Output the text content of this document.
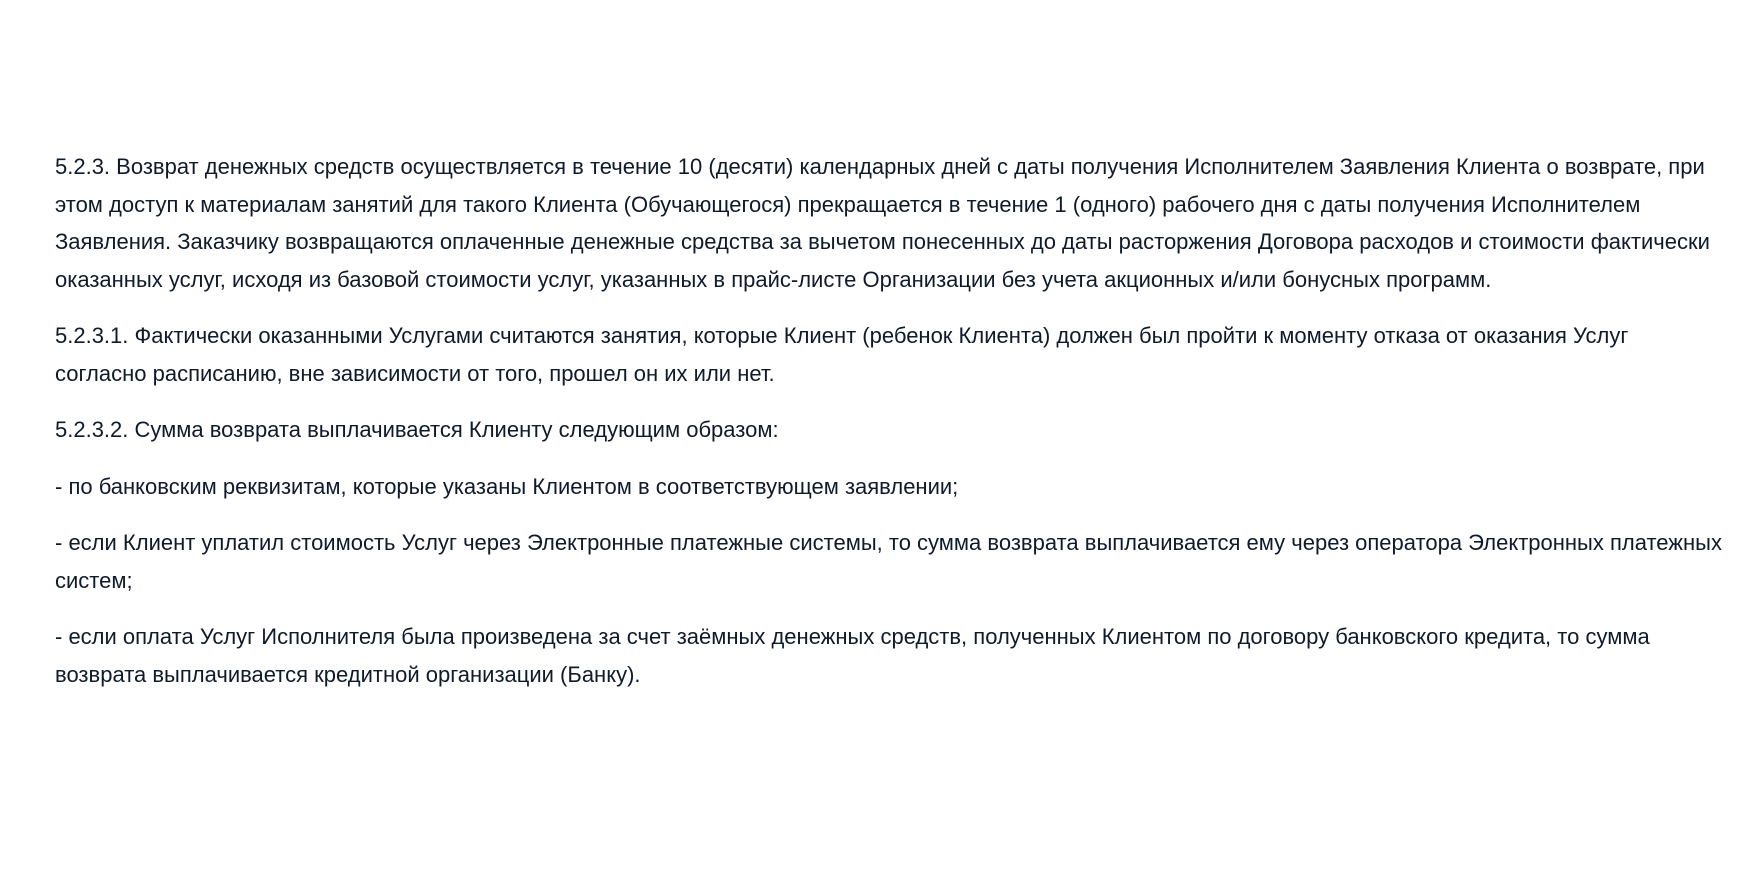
5.2.3. Возврат денежных средств осуществляется в течение 10 (десяти) календарных дней с даты получения Исполнителем Заявления Клиента о возврате, при этом доступ к материалам занятий для такого Клиента (Обучающегося) прекращается в течение 1 (одного) рабочего дня с даты получения Исполнителем Заявления. Заказчику возвращаются оплаченные денежные средства за вычетом понесенных до даты расторжения Договора расходов и стоимости фактически оказанных услуг, исходя из базовой стоимости услуг, указанных в прайс-листе Организации без учета акционных и/или бонусных программ.

5.2.3.1. Фактически оказанными Услугами считаются занятия, которые Клиент (ребенок Клиента) должен был пройти к моменту отказа от оказания Услуг согласно расписанию, вне зависимости от того, прошел он их или нет.

5.2.3.2. Сумма возврата выплачивается Клиенту следующим образом:

- по банковским реквизитам, которые указаны Клиентом в соответствующем заявлении;

- если Клиент уплатил стоимость Услуг через Электронные платежные системы, то сумма возврата выплачивается ему через оператора Электронных платежных систем;

- если оплата Услуг Исполнителя была произведена за счет заёмных денежных средств, полученных Клиентом по договору банковского кредита, то сумма возврата выплачивается кредитной организации (Банку).
